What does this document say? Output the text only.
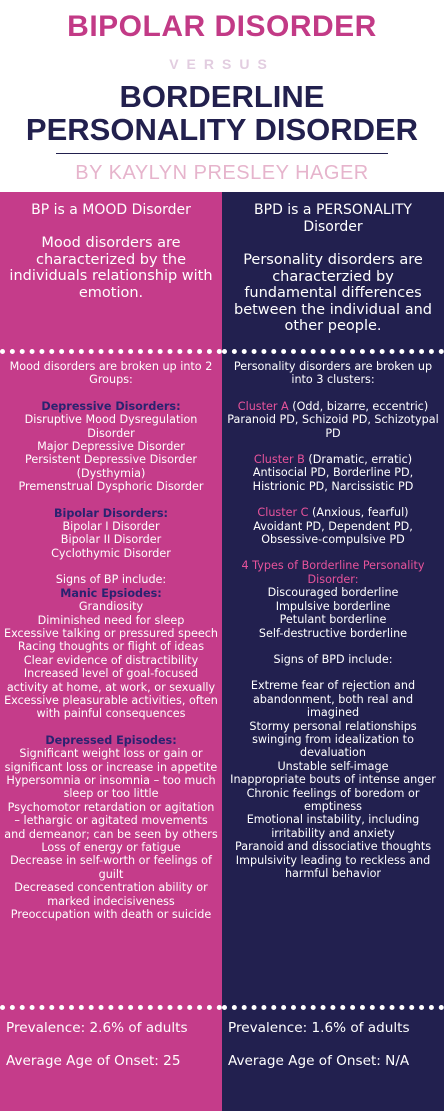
BIPOLAR DISORDER
VERSUS
BORDERLINE
PERSONALITY DISORDER
BY KAYLYN PRESLEY HAGER
BP is a MOOD Disorder
Mood disorders are characterized by the individuals relationship with emotion.

Mood disorders are broken up into 2 Groups:

Depressive Disorders:

Disruptive Mood Dysregulation Disorder

Major Depressive Disorder

Persistent Depressive Disorder (Dysthymia)

Premenstrual Dysphoric Disorder

Bipolar Disorders:

Bipolar I Disorder

Bipolar II Disorder

Cyclothymic Disorder

Signs of BP include:

Manic Epsiodes:

Grandiosity

Diminished need for sleep

Excessive talking or pressured speech

Racing thoughts or flight of ideas

Clear evidence of distractibility

Increased level of goal-focused activity at home, at work, or sexually

Excessive pleasurable activities, often with painful consequences

Depressed Episodes:

Significant weight loss or gain or significant loss or increase in appetite

Hypersomnia or insomnia – too much sleep or too little

Psychomotor retardation or agitation – lethargic or agitated movements and demeanor; can be seen by others

Loss of energy or fatigue

Decrease in self-worth or feelings of guilt

Decreased concentration ability or marked indecisiveness

Preoccupation with death or suicide

Prevalence: 2.6% of adults
Average Age of Onset: 25
BPD is a PERSONALITY Disorder
Personality disorders are characterzied by fundamental differences between the individual and other people.

Personality disorders are broken up into 3 clusters:

Cluster A (Odd, bizarre, eccentric)

Paranoid PD, Schizoid PD, Schizotypal PD

Cluster B (Dramatic, erratic)

Antisocial PD, Borderline PD, Histrionic PD, Narcissistic PD

Cluster C (Anxious, fearful)

Avoidant PD, Dependent PD, Obsessive-compulsive PD

4 Types of Borderline Personality Disorder:

Discouraged borderline

Impulsive borderline

Petulant borderline

Self-destructive borderline

Signs of BPD include:

Extreme fear of rejection and abandonment, both real and imagined

Stormy personal relationships swinging from idealization to devaluation

Unstable self-image

Inappropriate bouts of intense anger

Chronic feelings of boredom or emptiness

Emotional instability, including irritability and anxiety

Paranoid and dissociative thoughts

Impulsivity leading to reckless and harmful behavior

Prevalence: 1.6% of adults
Average Age of Onset: N/A
